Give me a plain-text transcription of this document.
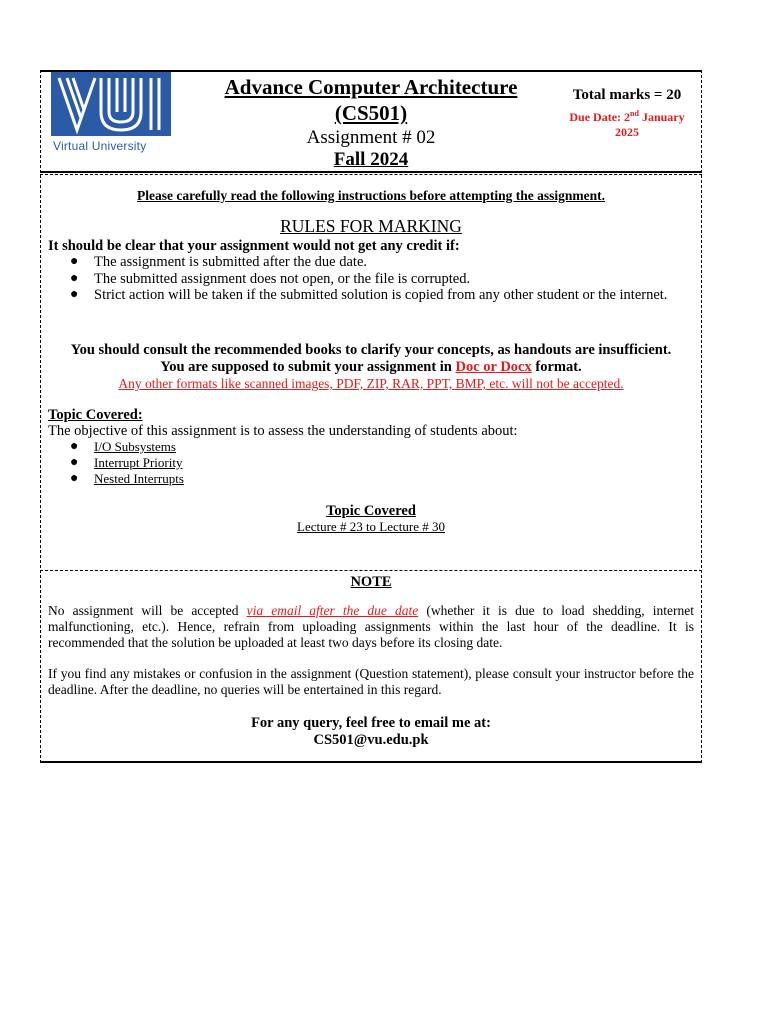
Virtual University
Advance Computer Architecture
(CS501)
Assignment # 02
Fall 2024
Total marks = 20
Due Date: 2nd January 2025
Please carefully read the following instructions before attempting the assignment.
RULES FOR MARKING
It should be clear that your assignment would not get any credit if:
● The assignment is submitted after the due date.
● The submitted assignment does not open, or the file is corrupted.
● Strict action will be taken if the submitted solution is copied from any other student or the internet.
You should consult the recommended books to clarify your concepts, as handouts are insufficient.
You are supposed to submit your assignment in Doc or Docx format.
Any other formats like scanned images, PDF, ZIP, RAR, PPT, BMP, etc. will not be accepted.
Topic Covered:
The objective of this assignment is to assess the understanding of students about:
● I/O Subsystems
● Interrupt Priority
● Nested Interrupts
Topic Covered
Lecture # 23 to Lecture # 30
NOTE
No assignment will be accepted via email after the due date (whether it is due to load shedding, internet malfunctioning, etc.). Hence, refrain from uploading assignments within the last hour of the deadline. It is recommended that the solution be uploaded at least two days before its closing date.
If you find any mistakes or confusion in the assignment (Question statement), please consult your instructor before the deadline. After the deadline, no queries will be entertained in this regard.
For any query, feel free to email me at:
CS501@vu.edu.pk
